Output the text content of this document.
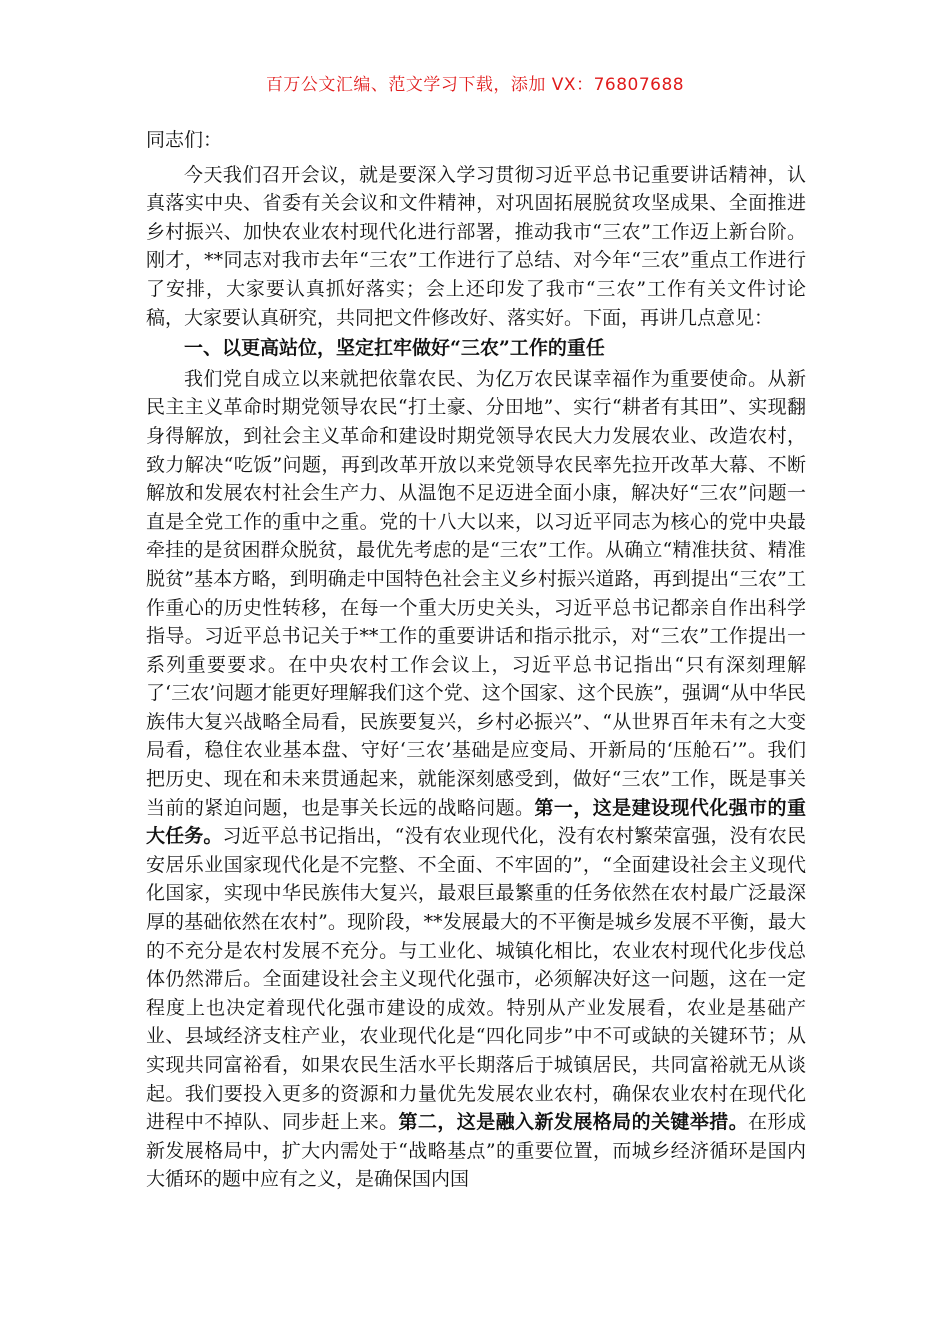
百万公文汇编、范文学习下载，添加 VX：76807688

同志们：

今天我们召开会议，就是要深入学习贯彻习近平总书记重要讲话精神，认真落实中央、省委有关会议和文件精神，对巩固拓展脱贫攻坚成果、全面推进乡村振兴、加快农业农村现代化进行部署，推动我市“三农”工作迈上新台阶。刚才，**同志对我市去年“三农”工作进行了总结、对今年“三农”重点工作进行了安排，大家要认真抓好落实；会上还印发了我市“三农”工作有关文件讨论稿，大家要认真研究，共同把文件修改好、落实好。下面，再讲几点意见：

一、以更高站位，坚定扛牢做好“三农”工作的重任

我们党自成立以来就把依靠农民、为亿万农民谋幸福作为重要使命。从新民主主义革命时期党领导农民“打土豪、分田地”、实行“耕者有其田”、实现翻身得解放，到社会主义革命和建设时期党领导农民大力发展农业、改造农村，致力解决“吃饭”问题，再到改革开放以来党领导农民率先拉开改革大幕、不断解放和发展农村社会生产力、从温饱不足迈进全面小康，解决好“三农”问题一直是全党工作的重中之重。党的十八大以来，以习近平同志为核心的党中央最牵挂的是贫困群众脱贫，最优先考虑的是“三农”工作。从确立“精准扶贫、精准脱贫”基本方略，到明确走中国特色社会主义乡村振兴道路，再到提出“三农”工作重心的历史性转移，在每一个重大历史关头，习近平总书记都亲自作出科学指导。习近平总书记关于**工作的重要讲话和指示批示，对“三农”工作提出一系列重要要求。在中央农村工作会议上，习近平总书记指出“只有深刻理解了‘三农’问题才能更好理解我们这个党、这个国家、这个民族”，强调“从中华民族伟大复兴战略全局看，民族要复兴，乡村必振兴”、“从世界百年未有之大变局看，稳住农业基本盘、守好‘三农’基础是应变局、开新局的‘压舱石’”。我们把历史、现在和未来贯通起来，就能深刻感受到，做好“三农”工作，既是事关当前的紧迫问题，也是事关长远的战略问题。第一，这是建设现代化强市的重大任务。习近平总书记指出，“没有农业现代化，没有农村繁荣富强，没有农民安居乐业国家现代化是不完整、不全面、不牢固的”，“全面建设社会主义现代化国家，实现中华民族伟大复兴，最艰巨最繁重的任务依然在农村最广泛最深厚的基础依然在农村”。现阶段，**发展最大的不平衡是城乡发展不平衡，最大的不充分是农村发展不充分。与工业化、城镇化相比，农业农村现代化步伐总体仍然滞后。全面建设社会主义现代化强市，必须解决好这一问题，这在一定程度上也决定着现代化强市建设的成效。特别从产业发展看，农业是基础产业、县域经济支柱产业，农业现代化是“四化同步”中不可或缺的关键环节；从实现共同富裕看，如果农民生活水平长期落后于城镇居民，共同富裕就无从谈起。我们要投入更多的资源和力量优先发展农业农村，确保农业农村在现代化进程中不掉队、同步赶上来。第二，这是融入新发展格局的关键举措。在形成新发展格局中，扩大内需处于“战略基点”的重要位置，而城乡经济循环是国内大循环的题中应有之义，是确保国内国
